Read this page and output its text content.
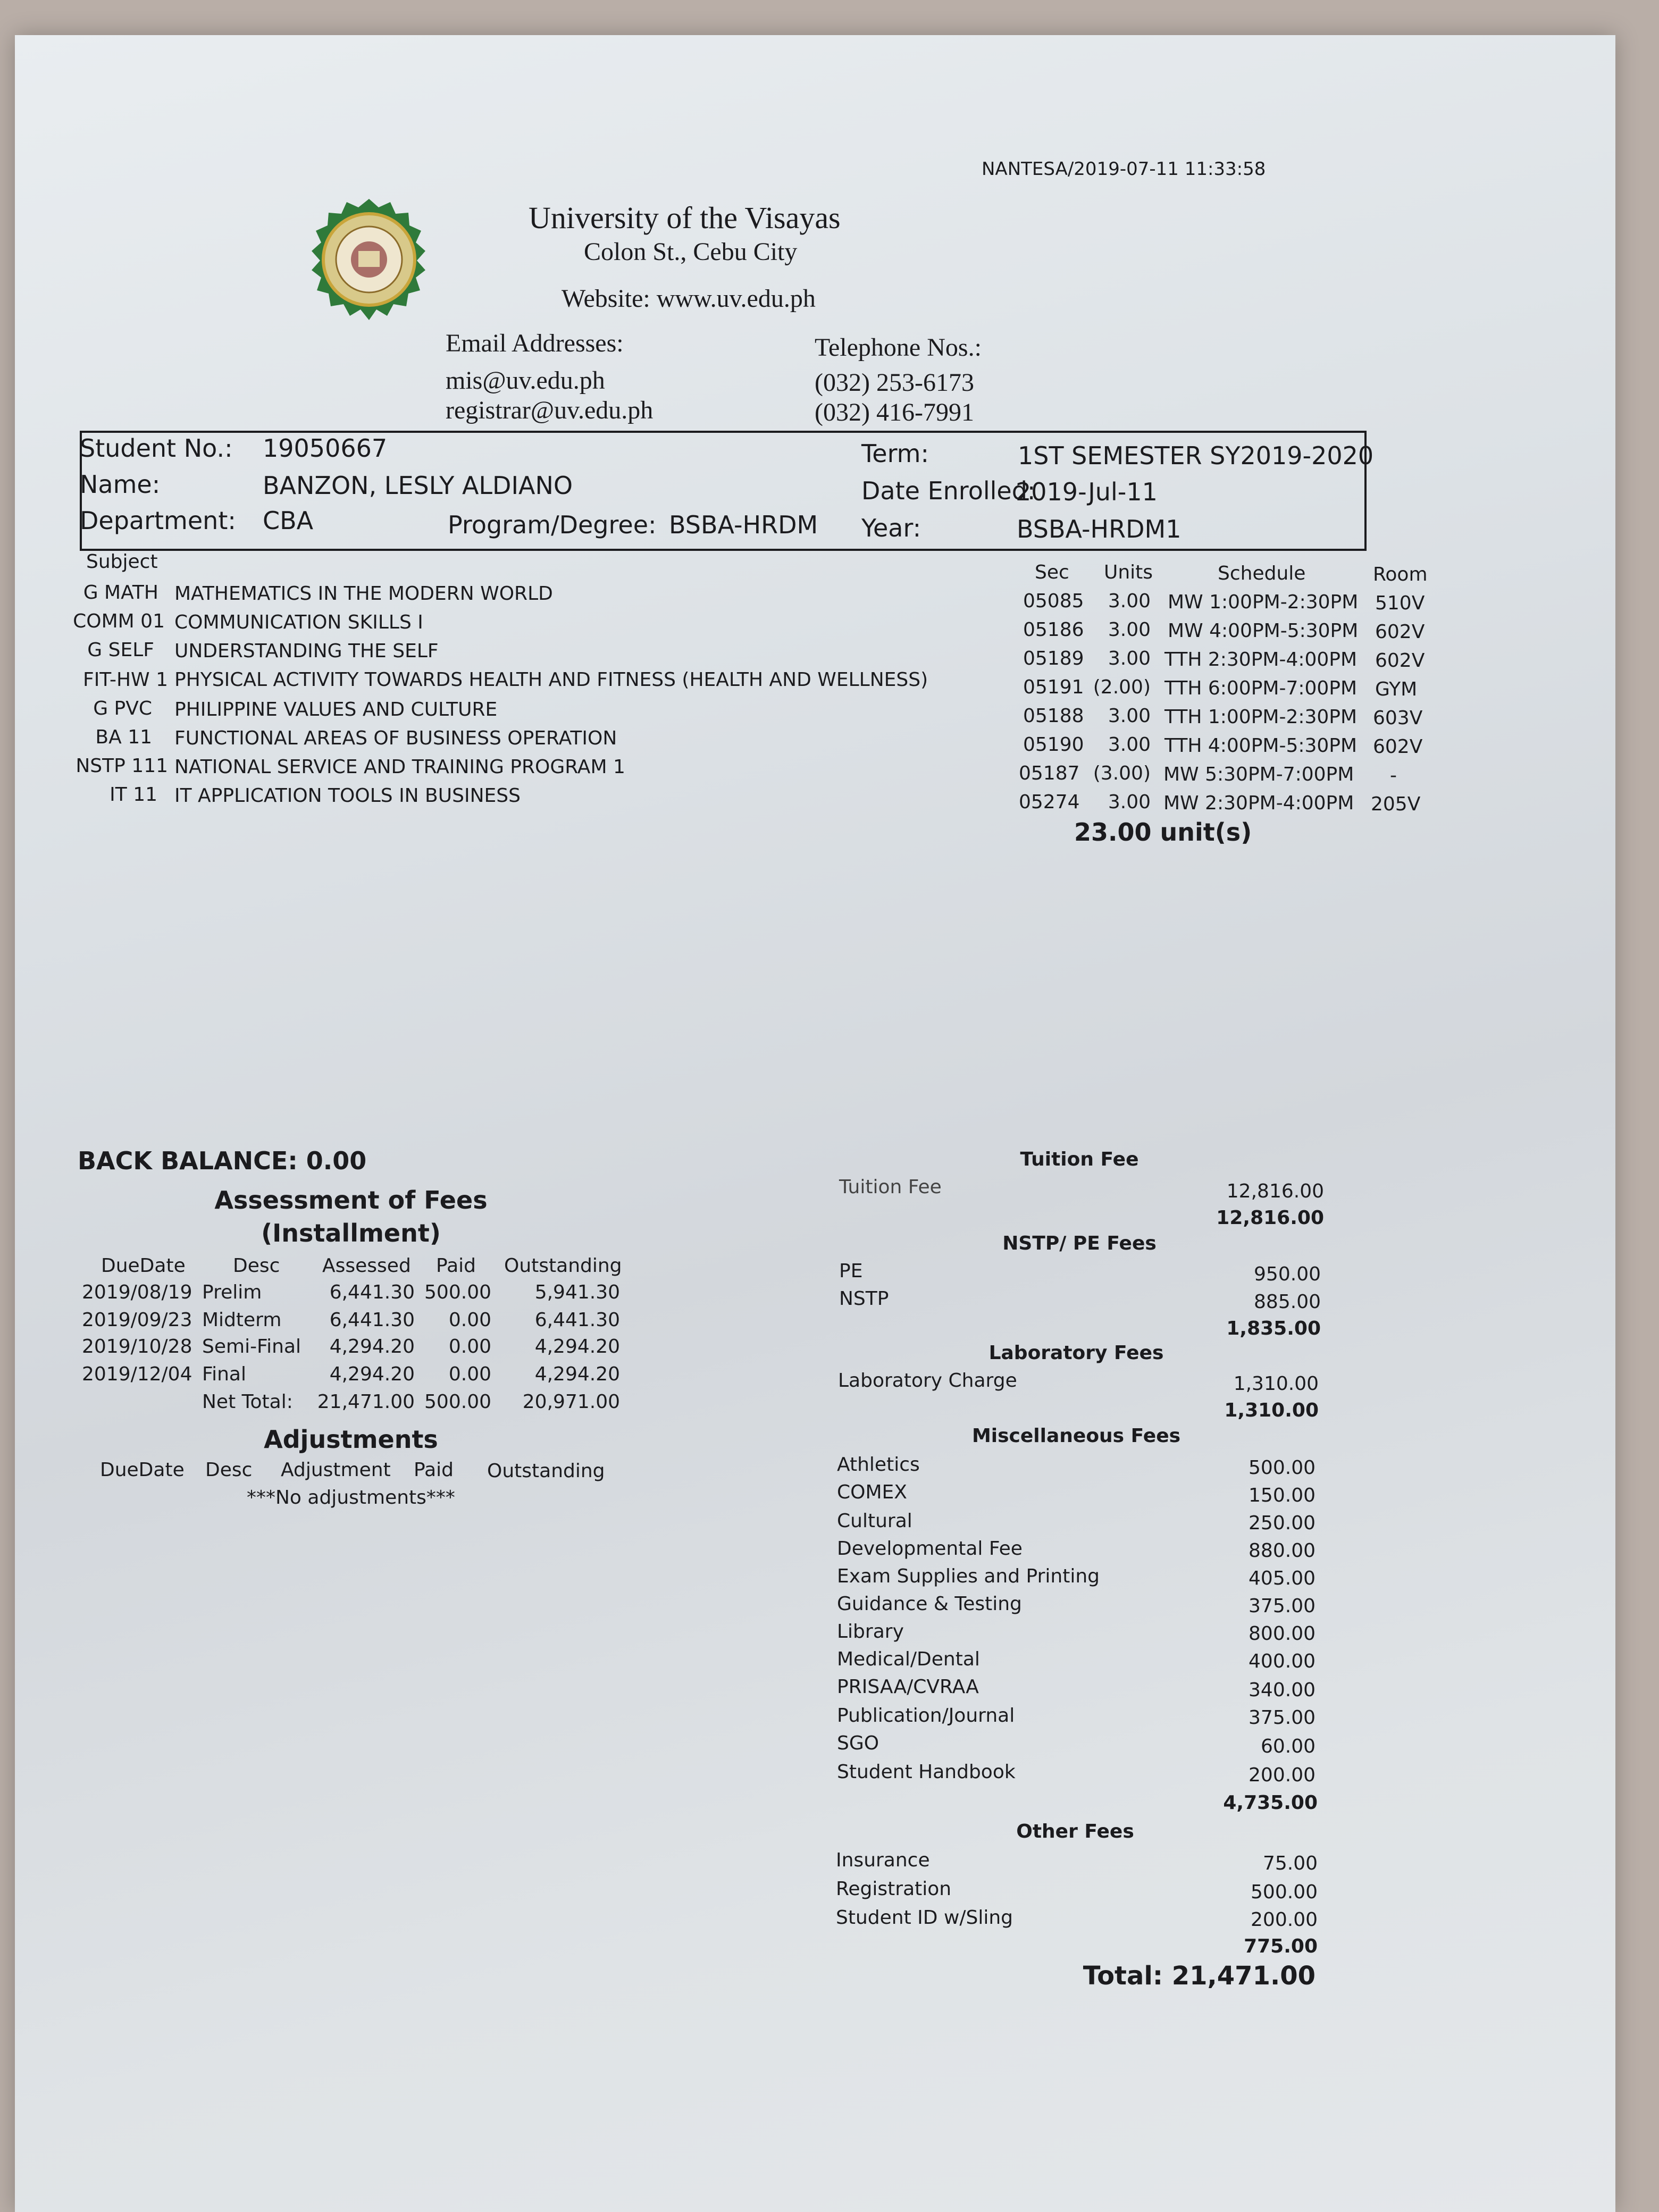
NANTESA/2019-07-11 11:33:58
University of the Visayas
Colon St., Cebu City
Website: www.uv.edu.ph
Email Addresses:
mis@uv.edu.ph
registrar@uv.edu.ph
Telephone Nos.:
(032) 253-6173
(032) 416-7991
Student No.: 19050667
Name:	BANZON, LESLY ALDIANO
Department: CBA	Program/Degree: BSBA-HRDM
Term:	1ST SEMESTER SY2019-2020
Date Enrolled:
2019-Jul-11
Year:	BSBA-HRDM1
Subject	Sec Units	Schedule	Room
G MATH MATHEMATICS IN THE MODERN WORLD	05085	3.00 MW 1:00PM-2:30PM 510V
COMM 01 COMMUNICATION SKILLS I	05186	3.00 MW 4:00PM-5:30PM 602V
G SELF UNDERSTANDING THE SELF	05189	3.00 TTH 2:30PM-4:00PM 602V
FIT-HW 1 PHYSICAL ACTIVITY TOWARDS HEALTH AND FITNESS (HEALTH AND WELLNESS)	05191 (2.00) TTH 6:00PM-7:00PM GYM
G PVC PHILIPPINE VALUES AND CULTURE	05188	3.00 TTH 1:00PM-2:30PM 603V
BA 11 FUNCTIONAL AREAS OF BUSINESS OPERATION	05190	3.00 TTH 4:00PM-5:30PM 602V
NSTP 111 NATIONAL SERVICE AND TRAINING PROGRAM 1	05187 (3.00) MW 5:30PM-7:00PM -
IT 11 IT APPLICATION TOOLS IN BUSINESS	05274	3.00 MW 2:30PM-4:00PM 205V
23.00 unit(s)
BACK BALANCE: 0.00
Assessment of Fees
(Installment)
DueDate Desc Assessed Paid Outstanding
2019/08/19 Prelim	6,441.30 500.00	5,941.30
2019/09/23 Midterm	6,441.30	0.00	6,441.30
2019/10/28 Semi-Final	4,294.20	0.00	4,294.20
2019/12/04 Final	4,294.20	0.00	4,294.20
Net Total:	21,471.00 500.00	20,971.00
Adjustments
DueDate Desc Adjustment Paid Outstanding
***No adjustments***
Tuition Fee
Tuition Fee	12,816.00
12,816.00
NSTP/ PE Fees
PE	950.00
NSTP	885.00
1,835.00
Laboratory Fees
Laboratory Charge	1,310.00
1,310.00
Miscellaneous Fees
Athletics	500.00
COMEX	150.00
Cultural	250.00
Developmental Fee	880.00
Exam Supplies and Printing	405.00
Guidance & Testing	375.00
Library	800.00
Medical/Dental	400.00
PRISAA/CVRAA	340.00
Publication/Journal	375.00
SGO	60.00
Student Handbook	200.00
4,735.00
Other Fees
Insurance	75.00
Registration	500.00
Student ID w/Sling	200.00
775.00
Total: 21,471.00
